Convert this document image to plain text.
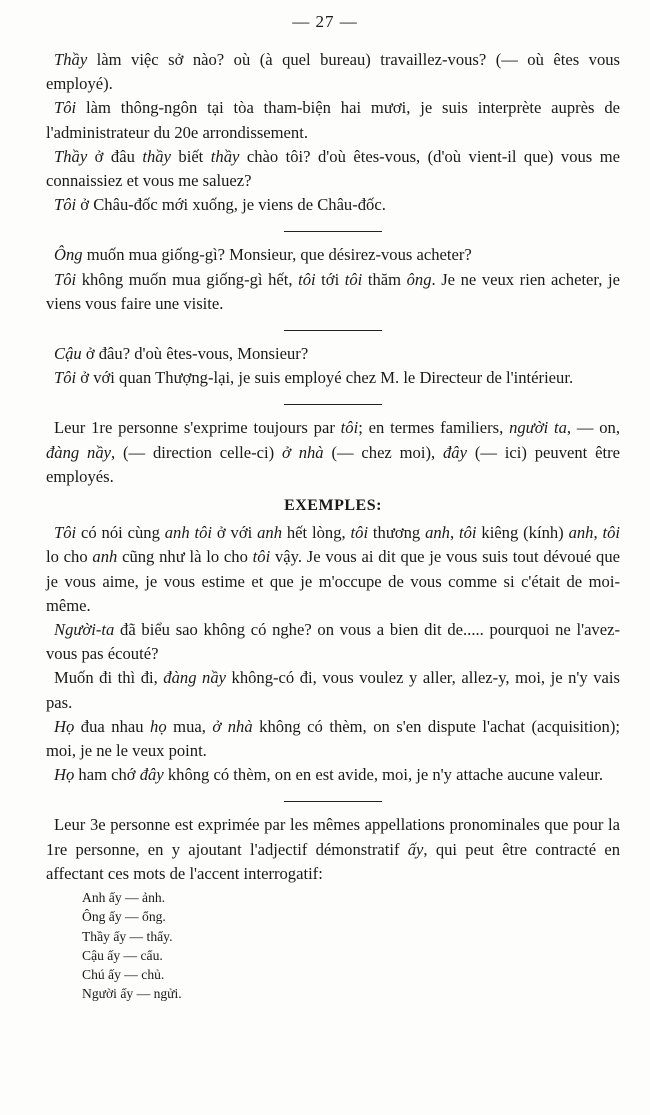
— 27 —

Thầy làm việc sở nào? où (à quel bureau) travaillez-vous? (— où êtes vous employé).

Tôi làm thông-ngôn tại tòa tham-biện hai mươi, je suis interprète auprès de l'administrateur du 20e arrondissement.

Thầy ở đâu thầy biết thầy chào tôi? d'où êtes-vous, (d'où vient-il que) vous me connaissiez et vous me saluez?

Tôi ở Châu-đốc mới xuống, je viens de Châu-đốc.

Ông muốn mua giống-gì? Monsieur, que désirez-vous acheter?

Tôi không muốn mua giống-gì hết, tôi tới tôi thăm ông. Je ne veux rien acheter, je viens vous faire une visite.

Cậu ở đâu? d'où êtes-vous, Monsieur?

Tôi ở với quan Thượng-lại, je suis employé chez M. le Directeur de l'intérieur.

Leur 1re personne s'exprime toujours par tôi; en termes familiers, người ta, — on, đàng nầy, (— direction celle-ci) ở nhà (— chez moi), đây (— ici) peuvent être employés.

EXEMPLES:

Tôi có nói cùng anh tôi ở với anh hết lòng, tôi thương anh, tôi kiêng (kính) anh, tôi lo cho anh cũng như là lo cho tôi vậy. Je vous ai dit que je vous suis tout dévoué que je vous aime, je vous estime et que je m'occupe de vous comme si c'était de moi-même.

Người-ta đã biểu sao không có nghe? on vous a bien dit de..... pourquoi ne l'avez-vous pas écouté?

Muốn đi thì đi, đàng nầy không-có đi, vous voulez y aller, allez-y, moi, je n'y vais pas.

Họ đua nhau họ mua, ở nhà không có thèm, on s'en dispute l'achat (acquisition); moi, je ne le veux point.

Họ ham chớ đây không có thèm, on en est avide, moi, je n'y attache aucune valeur.

Leur 3e personne est exprimée par les mêmes appellations pronominales que pour la 1re personne, en y ajoutant l'adjectif démonstratif ấy, qui peut être contracté en affectant ces mots de l'accent interrogatif:

Anh ấy — ảnh.
Ông ấy — ổng.
Thầy ấy — thẩy.
Cậu ấy — cẩu.
Chú ấy — chủ.
Người ấy — ngửi.
